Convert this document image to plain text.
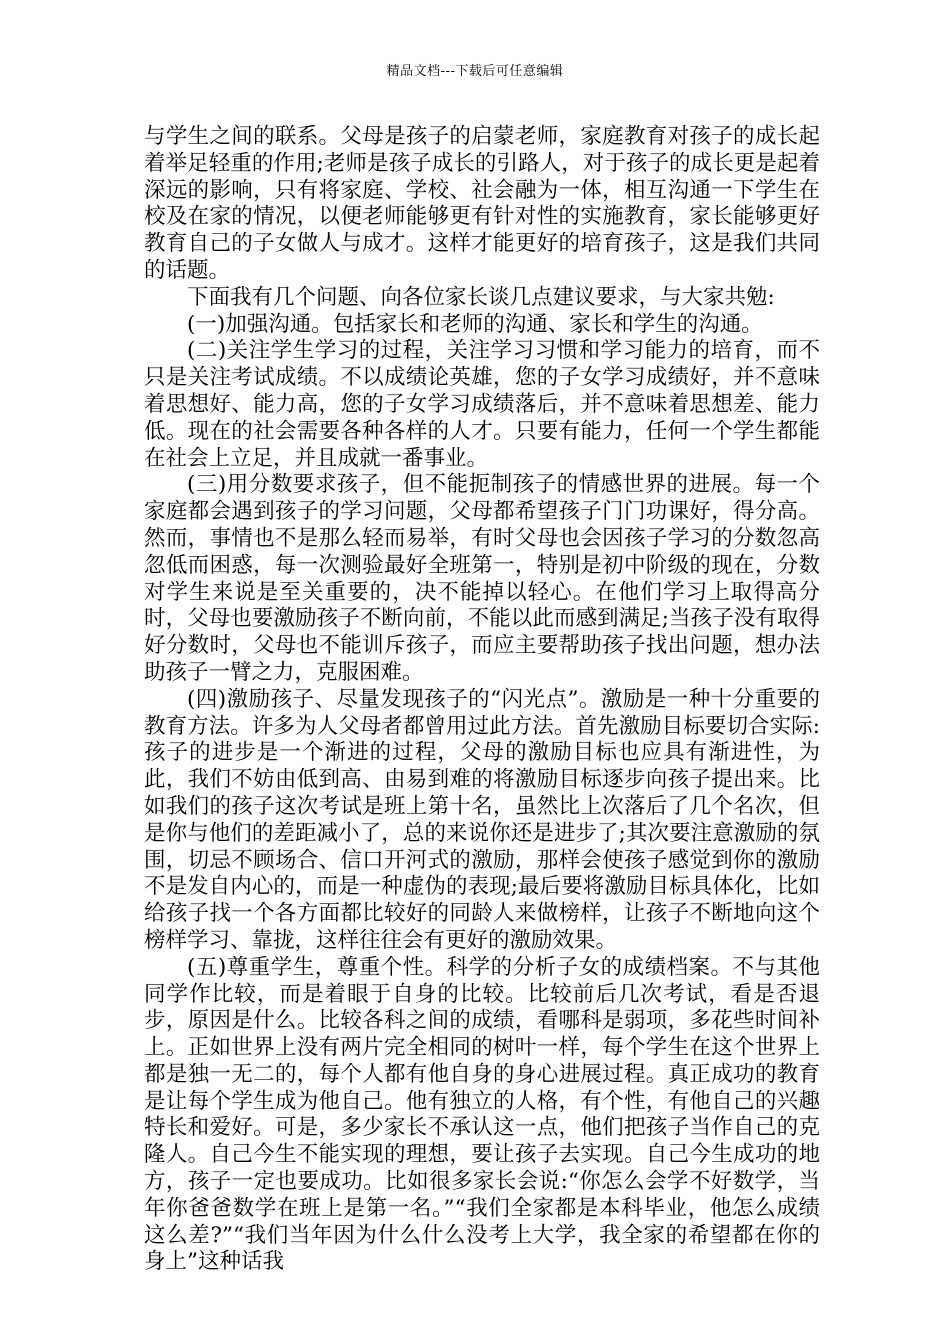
精品文档---下载后可任意编辑

与学生之间的联系。父母是孩子的启蒙老师，家庭教育对孩子的成长起着举足轻重的作用;老师是孩子成长的引路人，对于孩子的成长更是起着深远的影响，只有将家庭、学校、社会融为一体，相互沟通一下学生在校及在家的情况，以便老师能够更有针对性的实施教育，家长能够更好教育自己的子女做人与成才。这样才能更好的培育孩子，这是我们共同的话题。

下面我有几个问题、向各位家长谈几点建议要求，与大家共勉:

(一)加强沟通。包括家长和老师的沟通、家长和学生的沟通。

(二)关注学生学习的过程，关注学习习惯和学习能力的培育，而不只是关注考试成绩。不以成绩论英雄，您的子女学习成绩好，并不意味着思想好、能力高，您的子女学习成绩落后，并不意味着思想差、能力低。现在的社会需要各种各样的人才。只要有能力，任何一个学生都能在社会上立足，并且成就一番事业。

(三)用分数要求孩子，但不能扼制孩子的情感世界的进展。每一个家庭都会遇到孩子的学习问题，父母都希望孩子门门功课好，得分高。然而，事情也不是那么轻而易举，有时父母也会因孩子学习的分数忽高忽低而困惑，每一次测验最好全班第一，特别是初中阶级的现在，分数对学生来说是至关重要的，决不能掉以轻心。在他们学习上取得高分时，父母也要激励孩子不断向前，不能以此而感到满足;当孩子没有取得好分数时，父母也不能训斥孩子，而应主要帮助孩子找出问题，想办法助孩子一臂之力，克服困难。

(四)激励孩子、尽量发现孩子的“闪光点”。激励是一种十分重要的教育方法。许多为人父母者都曾用过此方法。首先激励目标要切合实际:孩子的进步是一个渐进的过程，父母的激励目标也应具有渐进性，为此，我们不妨由低到高、由易到难的将激励目标逐步向孩子提出来。比如我们的孩子这次考试是班上第十名，虽然比上次落后了几个名次，但是你与他们的差距减小了，总的来说你还是进步了;其次要注意激励的氛围，切忌不顾场合、信口开河式的激励，那样会使孩子感觉到你的激励不是发自内心的，而是一种虚伪的表现;最后要将激励目标具体化，比如给孩子找一个各方面都比较好的同龄人来做榜样，让孩子不断地向这个榜样学习、靠拢，这样往往会有更好的激励效果。

(五)尊重学生，尊重个性。科学的分析子女的成绩档案。不与其他同学作比较，而是着眼于自身的比较。比较前后几次考试，看是否退步，原因是什么。比较各科之间的成绩，看哪科是弱项，多花些时间补上。正如世界上没有两片完全相同的树叶一样，每个学生在这个世界上都是独一无二的，每个人都有他自身的身心进展过程。真正成功的教育是让每个学生成为他自己。他有独立的人格，有个性，有他自己的兴趣特长和爱好。可是，多少家长不承认这一点，他们把孩子当作自己的克隆人。自己今生不能实现的理想，要让孩子去实现。自己今生成功的地方，孩子一定也要成功。比如很多家长会说:“你怎么会学不好数学，当年你爸爸数学在班上是第一名。”“我们全家都是本科毕业，他怎么成绩这么差?”“我们当年因为什么什么没考上大学，我全家的希望都在你的身上”这种话我
